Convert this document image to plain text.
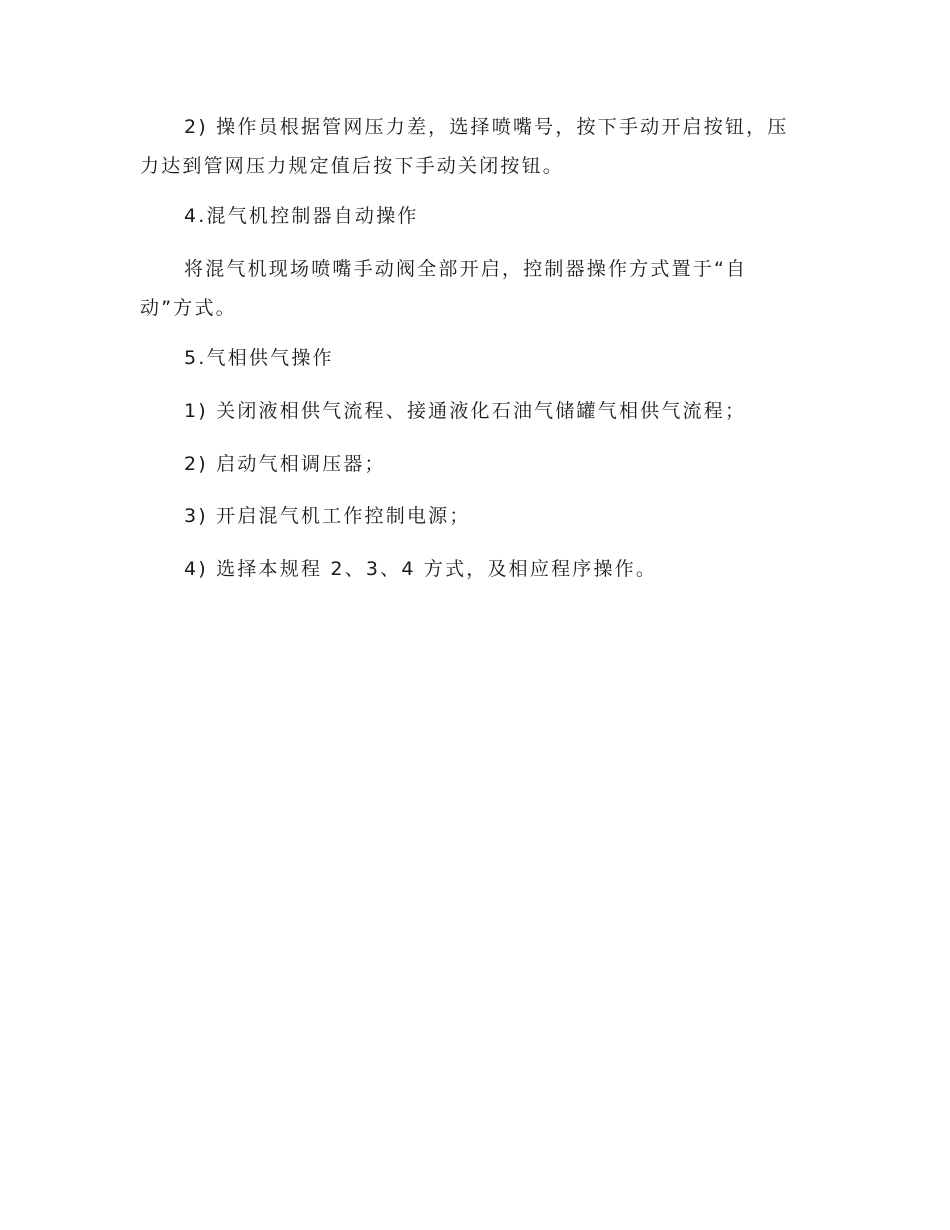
2) 操作员根据管网压力差，选择喷嘴号，按下手动开启按钮，压
力达到管网压力规定值后按下手动关闭按钮。
4.混气机控制器自动操作
将混气机现场喷嘴手动阀全部开启，控制器操作方式置于“自
动”方式。
5.气相供气操作
1) 关闭液相供气流程、接通液化石油气储罐气相供气流程；
2) 启动气相调压器；
3) 开启混气机工作控制电源；
4) 选择本规程 2、3、4 方式，及相应程序操作。
